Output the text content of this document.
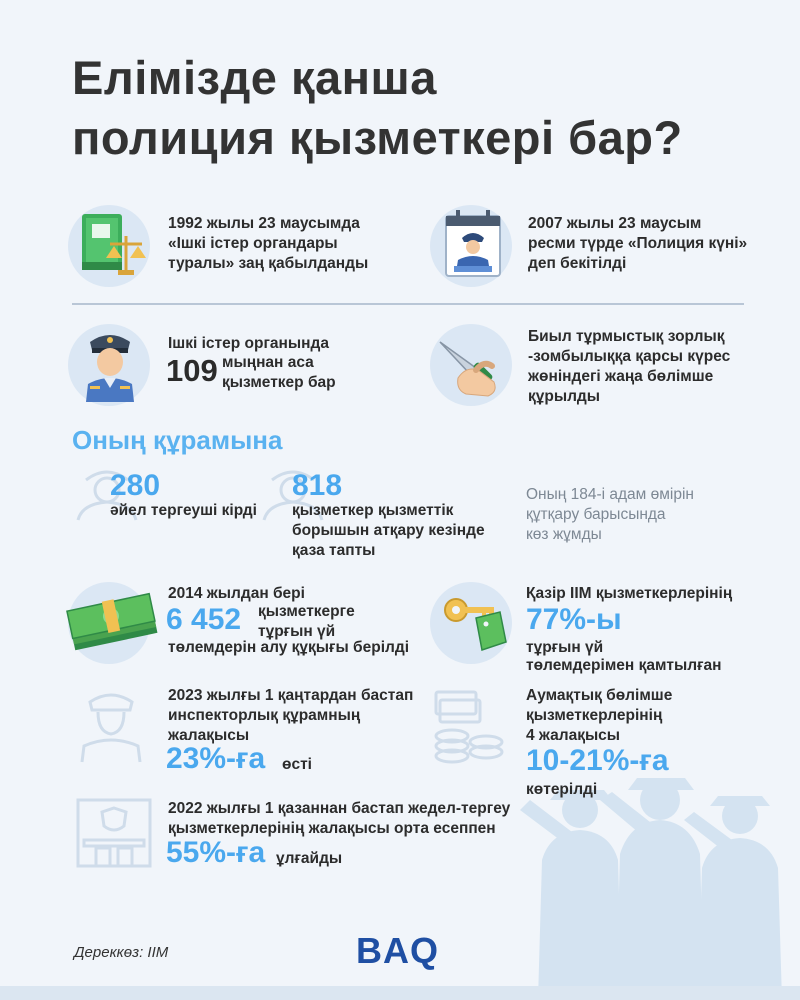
Елімізде қанша
полиция қызметкері бар?
1992 жылы 23 маусымда
«Ішкі істер органдары
туралы» заң қабылданды
2007 жылы 23 маусым
ресми түрде «Полиция күні»
деп бекітілді
Ішкі істер органында
109 мыңнан аса
қызметкер бар
Биыл тұрмыстық зорлық
-зомбылыққа қарсы күрес
жөніндегі жаңа бөлімше
құрылды
Оның құрамына
280
әйел тергеуші кірді
818
қызметкер қызметтік
борышын атқару кезінде
қаза тапты
Оның 184-і адам өмірін
құтқару барысында
көз жұмды
2014 жылдан бері
6 452 қызметкерге
тұрғын үй
төлемдерін алу құқығы берілді
Қазір ІІМ қызметкерлерінің
77%-ы
тұрғын үй
төлемдерімен қамтылған
2023 жылғы 1 қаңтардан бастап
инспекторлық құрамның
жалақысы
23%-ға өсті
Аумақтық бөлімше
қызметкерлерінің
4 жалақысы
10-21%-ға
көтерілді
2022 жылғы 1 қазаннан бастап жедел-тергеу
қызметкерлерінің жалақысы орта есеппен
55%-ға ұлғайды
Дереккөз: ІІМ	BAQ
